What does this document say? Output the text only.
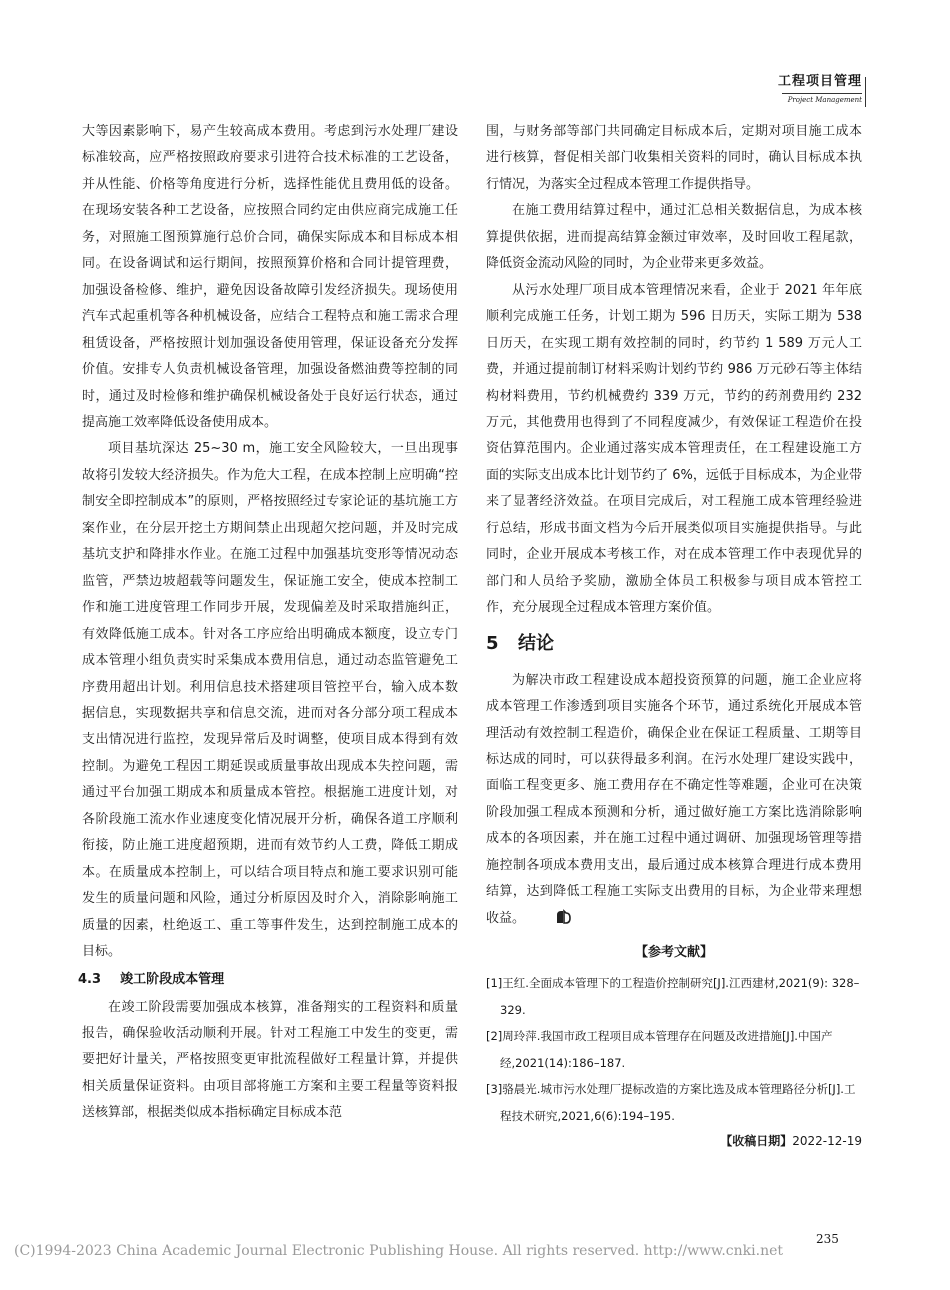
工程项目管理
Project Management

大等因素影响下，易产生较高成本费用。考虑到污水处理厂建设标准较高，应严格按照政府要求引进符合技术标准的工艺设备，并从性能、价格等角度进行分析，选择性能优且费用低的设备。在现场安装各种工艺设备，应按照合同约定由供应商完成施工任务，对照施工图预算施行总价合同，确保实际成本和目标成本相同。在设备调试和运行期间，按照预算价格和合同计提管理费，加强设备检修、维护，避免因设备故障引发经济损失。现场使用汽车式起重机等各种机械设备，应结合工程特点和施工需求合理租赁设备，严格按照计划加强设备使用管理，保证设备充分发挥价值。安排专人负责机械设备管理，加强设备燃油费等控制的同时，通过及时检修和维护确保机械设备处于良好运行状态，通过提高施工效率降低设备使用成本。

项目基坑深达 25~30 m，施工安全风险较大，一旦出现事故将引发较大经济损失。作为危大工程，在成本控制上应明确“控制安全即控制成本”的原则，严格按照经过专家论证的基坑施工方案作业，在分层开挖土方期间禁止出现超欠挖问题，并及时完成基坑支护和降排水作业。在施工过程中加强基坑变形等情况动态监管，严禁边坡超载等问题发生，保证施工安全，使成本控制工作和施工进度管理工作同步开展，发现偏差及时采取措施纠正，有效降低施工成本。针对各工序应给出明确成本额度，设立专门成本管理小组负责实时采集成本费用信息，通过动态监管避免工序费用超出计划。利用信息技术搭建项目管控平台，输入成本数据信息，实现数据共享和信息交流，进而对各分部分项工程成本支出情况进行监控，发现异常后及时调整，使项目成本得到有效控制。为避免工程因工期延误或质量事故出现成本失控问题，需通过平台加强工期成本和质量成本管控。根据施工进度计划，对各阶段施工流水作业速度变化情况展开分析，确保各道工序顺利衔接，防止施工进度超预期，进而有效节约人工费，降低工期成本。在质量成本控制上，可以结合项目特点和施工要求识别可能发生的质量问题和风险，通过分析原因及时介入，消除影响施工质量的因素，杜绝返工、重工等事件发生，达到控制施工成本的目标。

4.3 竣工阶段成本管理

在竣工阶段需要加强成本核算，准备翔实的工程资料和质量报告，确保验收活动顺利开展。针对工程施工中发生的变更，需要把好计量关，严格按照变更审批流程做好工程量计算，并提供相关质量保证资料。由项目部将施工方案和主要工程量等资料报送核算部，根据类似成本指标确定目标成本范

围，与财务部等部门共同确定目标成本后，定期对项目施工成本进行核算，督促相关部门收集相关资料的同时，确认目标成本执行情况，为落实全过程成本管理工作提供指导。

在施工费用结算过程中，通过汇总相关数据信息，为成本核算提供依据，进而提高结算金额过审效率，及时回收工程尾款，降低资金流动风险的同时，为企业带来更多效益。

从污水处理厂项目成本管理情况来看，企业于 2021 年年底顺利完成施工任务，计划工期为 596 日历天，实际工期为 538 日历天，在实现工期有效控制的同时，约节约 1 589 万元人工费，并通过提前制订材料采购计划约节约 986 万元砂石等主体结构材料费用，节约机械费约 339 万元，节约的药剂费用约 232 万元，其他费用也得到了不同程度减少，有效保证工程造价在投资估算范围内。企业通过落实成本管理责任，在工程建设施工方面的实际支出成本比计划节约了 6%，远低于目标成本，为企业带来了显著经济效益。在项目完成后，对工程施工成本管理经验进行总结，形成书面文档为今后开展类似项目实施提供指导。与此同时，企业开展成本考核工作，对在成本管理工作中表现优异的部门和人员给予奖励，激励全体员工积极参与项目成本管控工作，充分展现全过程成本管理方案价值。

5 结论

为解决市政工程建设成本超投资预算的问题，施工企业应将成本管理工作渗透到项目实施各个环节，通过系统化开展成本管理活动有效控制工程造价，确保企业在保证工程质量、工期等目标达成的同时，可以获得最多利润。在污水处理厂建设实践中，面临工程变更多、施工费用存在不确定性等难题，企业可在决策阶段加强工程成本预测和分析，通过做好施工方案比选消除影响成本的各项因素，并在施工过程中通过调研、加强现场管理等措施控制各项成本费用支出，最后通过成本核算合理进行成本费用结算，达到降低工程施工实际支出费用的目标，为企业带来理想收益。

【参考文献】

[1]王红.全面成本管理下的工程造价控制研究[J].江西建材,2021(9): 328–329.

[2]周玲萍.我国市政工程项目成本管理存在问题及改进措施[J].中国产经,2021(14):186–187.

[3]骆晨光.城市污水处理厂提标改造的方案比选及成本管理路径分析[J].工程技术研究,2021,6(6):194–195.

【收稿日期】2022-12-19
235
(C)1994-2023 China Academic Journal Electronic Publishing House. All rights reserved. http://www.cnki.net
